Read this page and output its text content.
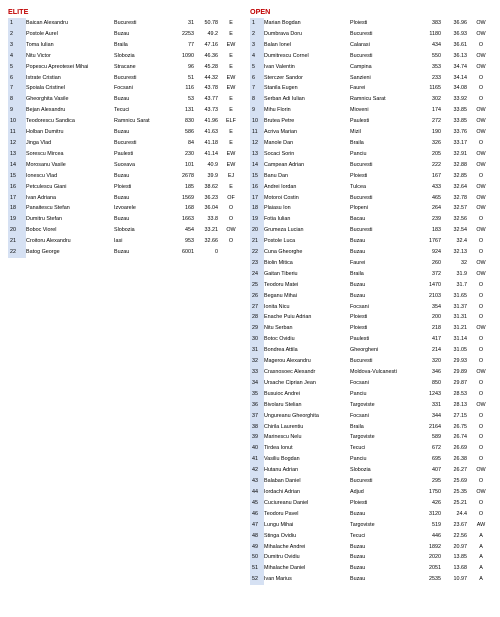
ELITE
1	Baican Alexandru	Bucuresti	31	50.78	E
2	Postole Aurel	Buzau	2253	49.2	E
3	Toma Iulian	Braila	77	47.16	EW
4	Nitu Victor	Slobozia	1090	46.36	E
5	Popescu Apreotesei Mihai	Stracane	96	45.28	E
6	Istrate Cristian	Bucuresti	51	44.32	EW
7	Spoiala Cristinel	Focsani	116	43.78	EW
8	Gheorghita Vasile	Buzau	53	43.77	E
9	Bejan Alexandru	Tecuci	131	43.73	E
10	Teodorescu Sandica	Ramnicu Sarat	830	41.96	ELF
11	Holban Dumitru	Buzau	586	41.63	E
12	Jinga Vlad	Bucuresti	84	41.18	E
13	Sorescu Mircea	Paulesti	230	41.14	EW
14	Morosanu Vasile	Suceava	101	40.9	EW
15	Ionescu Vlad	Buzau	2678	39.9	EJ
16	Petculescu Giani	Ploiesti	185	38.62	E
17	Ivan Adriana	Buzau	1569	36.23	OF
18	Panaitescu Stefan	Izvoarele	168	36.04	O
19	Dumitru Stefan	Buzau	1663	33.8	O
20	Boboc Viorel	Slobozia	454	33.21	OW
21	Croitoru Alexandru	Iasi	953	32.66	O
22	Batog George	Buzau	6001	0	
OPEN
1	Marian Bogdan	Ploiesti	383	36.96	OW
2	Dumbrava Doru	Bucuresti	1180	36.93	OW
3	Balan Ionel	Calarasi	434	36.61	O
4	Dumitrescu Cornel	Bucuresti	550	36.13	OW
5	Ivan Valentin	Campina	353	34.74	OW
6	Sterczer Sandor	Sanzieni	233	34.14	O
7	Stanila Eugen	Faurei	1165	34.08	O
8	Serban Adi Iulian	Ramnicu Sarat	302	33.92	O
9	Mihu Florin	Mioveni	174	33.85	OW
10	Brutea Petre	Paulesti	272	33.85	OW
11	Acriva Marian	Mizil	190	33.76	OW
12	Manole Dan	Braila	326	33.17	O
13	Socaci Sorin	Panciu	205	32.91	OW
14	Campean Adrian	Bucuresti	222	32.88	OW
15	Banu Dan	Ploiesti	167	32.85	O
16	Andrei Iordan	Tulcea	433	32.64	OW
17	Motoroi Costin	Bucuresti	465	32.78	OW
18	Plaiasu Ion	Plopeni	264	32.57	OW
19	Fotia Iulian	Bacau	239	32.56	O
20	Grumeza Lucian	Bucuresti	183	32.54	OW
21	Postole Luca	Buzau	1767	32.4	O
22	Cuna Gheorghe	Buzau	924	32.13	O
23	Biolin Mitica	Faurei	260	32	OW
24	Gaitan Tiberiu	Braila	372	31.9	OW
25	Teodoru Matei	Buzau	1470	31.7	O
26	Beganu Mihai	Buzau	2103	31.65	O
27	Ionita Nicu	Focsani	354	31.37	O
28	Enache Puiu Adrian	Ploiesti	200	31.31	O
29	Nitu Serban	Ploiesti	218	31.21	OW
30	Botoc Ovidiu	Paulesti	417	31.14	O
31	Bondrea Attila	Gheorgheni	214	31.05	O
32	Magerou Alexandru	Bucuresti	320	29.93	O
33	Crasnosoec Alexandr	Moldova-Vulcanesti	346	29.89	OW
34	Ursache Ciprian Jean	Focsani	850	29.87	O
35	Busuioc Andrei	Panciu	1243	28.53	O
36	Bivolaru Stelian	Targoviste	331	28.13	OW
37	Ungureanu Gheorghita	Focsani	344	27.15	O
38	Chirila Laurentiu	Braila	2164	26.75	O
39	Marinescu Nelu	Targoviste	589	26.74	O
40	Tirdea Ionut	Tecuci	672	26.69	O
41	Vasiliu Bogdan	Panciu	695	26.38	O
42	Hutanu Adrian	Slobozia	407	26.27	OW
43	Balaban Daniel	Bucuresti	295	25.69	O
44	Iordachi Adrian	Adjud	1750	25.35	OW
45	Cuciureanu Daniel	Ploiesti	426	25.21	O
46	Teodoru Pavel	Buzau	3120	24.4	O
47	Lungu Mihai	Targoviste	519	23.67	AW
48	Stinga Ovidiu	Tecuci	446	22.56	A
49	Mihalache Andrei	Buzau	1892	20.97	A
50	Dumitru Ovidiu	Buzau	2020	13.85	A
51	Mihalache Daniel	Buzau	2051	13.68	A
52	Ivan Marius	Buzau	2535	10.97	A
